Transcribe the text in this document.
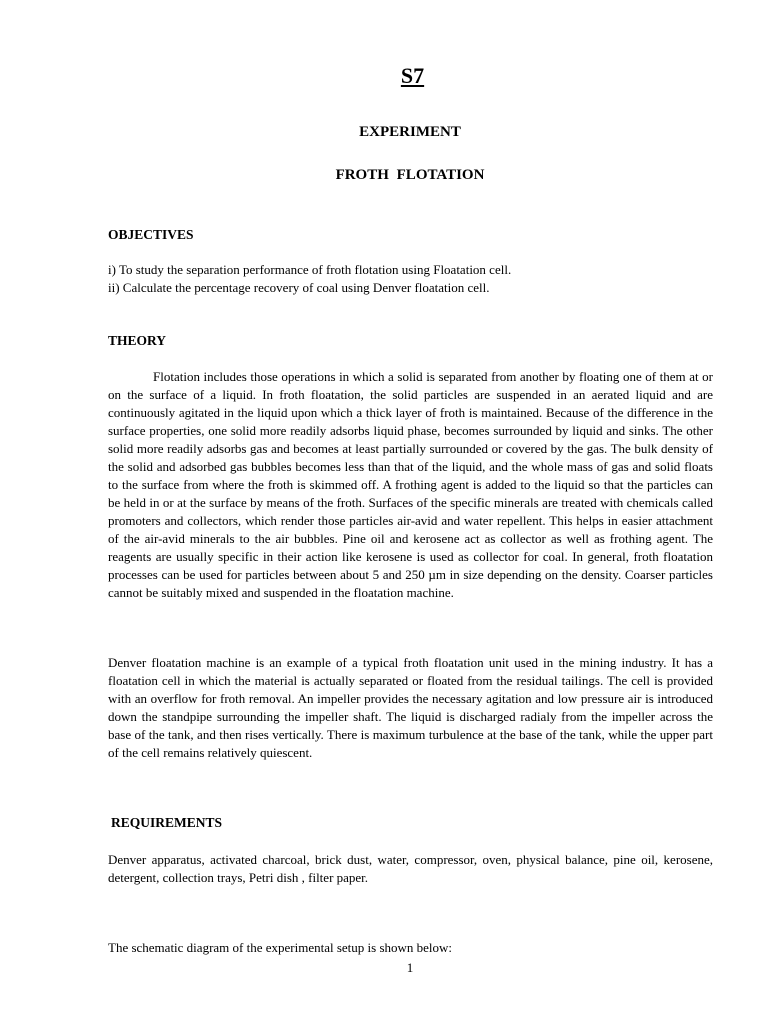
S7
EXPERIMENT
FROTH FLOTATION
OBJECTIVES
i) To study the separation performance of froth flotation using Floatation cell.
ii) Calculate the percentage recovery of coal using Denver floatation cell.
THEORY

Flotation includes those operations in which a solid is separated from another by floating one of them at or on the surface of a liquid. In froth floatation, the solid particles are suspended in an aerated liquid and are continuously agitated in the liquid upon which a thick layer of froth is maintained. Because of the difference in the surface properties, one solid more readily adsorbs liquid phase, becomes surrounded by liquid and sinks. The other solid more readily adsorbs gas and becomes at least partially surrounded or covered by the gas. The bulk density of the solid and adsorbed gas bubbles becomes less than that of the liquid, and the whole mass of gas and solid floats to the surface from where the froth is skimmed off. A frothing agent is added to the liquid so that the particles can be held in or at the surface by means of the froth. Surfaces of the specific minerals are treated with chemicals called promoters and collectors, which render those particles air-avid and water repellent. This helps in easier attachment of the air-avid minerals to the air bubbles. Pine oil and kerosene act as collector as well as frothing agent. The reagents are usually specific in their action like kerosene is used as collector for coal. In general, froth floatation processes can be used for particles between about 5 and 250 µm in size depending on the density. Coarser particles cannot be suitably mixed and suspended in the floatation machine.

Denver floatation machine is an example of a typical froth floatation unit used in the mining industry. It has a floatation cell in which the material is actually separated or floated from the residual tailings. The cell is provided with an overflow for froth removal. An impeller provides the necessary agitation and low pressure air is introduced down the standpipe surrounding the impeller shaft. The liquid is discharged radialy from the impeller across the base of the tank, and then rises vertically. There is maximum turbulence at the base of the tank, while the upper part of the cell remains relatively quiescent.

REQUIREMENTS

Denver apparatus, activated charcoal, brick dust, water, compressor, oven, physical balance, pine oil, kerosene, detergent, collection trays, Petri dish , filter paper.

The schematic diagram of the experimental setup is shown below:
1
